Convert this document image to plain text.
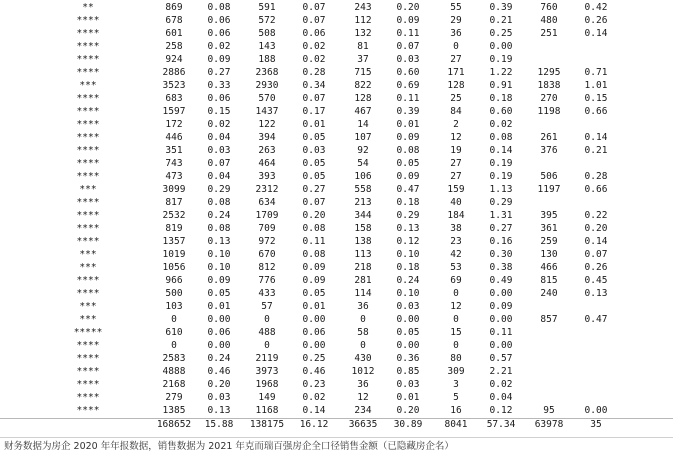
**	869	0.08	591	0.07	243	0.20	55	0.39	760	0.42
****	678	0.06	572	0.07	112	0.09	29	0.21	480	0.26
****	601	0.06	508	0.06	132	0.11	36	0.25	251	0.14
****	258	0.02	143	0.02	81	0.07	0	0.00
****	924	0.09	188	0.02	37	0.03	27	0.19
****	2886	0.27	2368	0.28	715	0.60	171	1.22	1295	0.71
***	3523	0.33	2930	0.34	822	0.69	128	0.91	1838	1.01
****	683	0.06	570	0.07	128	0.11	25	0.18	270	0.15
****	1597	0.15	1437	0.17	467	0.39	84	0.60	1198	0.66
****	172	0.02	122	0.01	14	0.01	2	0.02
****	446	0.04	394	0.05	107	0.09	12	0.08	261	0.14
****	351	0.03	263	0.03	92	0.08	19	0.14	376	0.21
****	743	0.07	464	0.05	54	0.05	27	0.19
****	473	0.04	393	0.05	106	0.09	27	0.19	506	0.28
***	3099	0.29	2312	0.27	558	0.47	159	1.13	1197	0.66
****	817	0.08	634	0.07	213	0.18	40	0.29
****	2532	0.24	1709	0.20	344	0.29	184	1.31	395	0.22
****	819	0.08	709	0.08	158	0.13	38	0.27	361	0.20
****	1357	0.13	972	0.11	138	0.12	23	0.16	259	0.14
***	1019	0.10	670	0.08	113	0.10	42	0.30	130	0.07
***	1056	0.10	812	0.09	218	0.18	53	0.38	466	0.26
****	966	0.09	776	0.09	281	0.24	69	0.49	815	0.45
****	500	0.05	433	0.05	114	0.10	0	0.00	240	0.13
***	103	0.01	57	0.01	36	0.03	12	0.09
***	0	0.00	0	0.00	0	0.00	0	0.00	857	0.47
*****	610	0.06	488	0.06	58	0.05	15	0.11
****	0	0.00	0	0.00	0	0.00	0	0.00
****	2583	0.24	2119	0.25	430	0.36	80	0.57
****	4888	0.46	3973	0.46	1012	0.85	309	2.21
****	2168	0.20	1968	0.23	36	0.03	3	0.02
****	279	0.03	149	0.02	12	0.01	5	0.04
****	1385	0.13	1168	0.14	234	0.20	16	0.12	95	0.00
168652	15.88	138175	16.12	36635	30.89	8041	57.34	63978	35
财务数据为房企 2020 年年报数据，销售数据为 2021 年克而瑞百强房企全口径销售金额（已隐藏房企名）
